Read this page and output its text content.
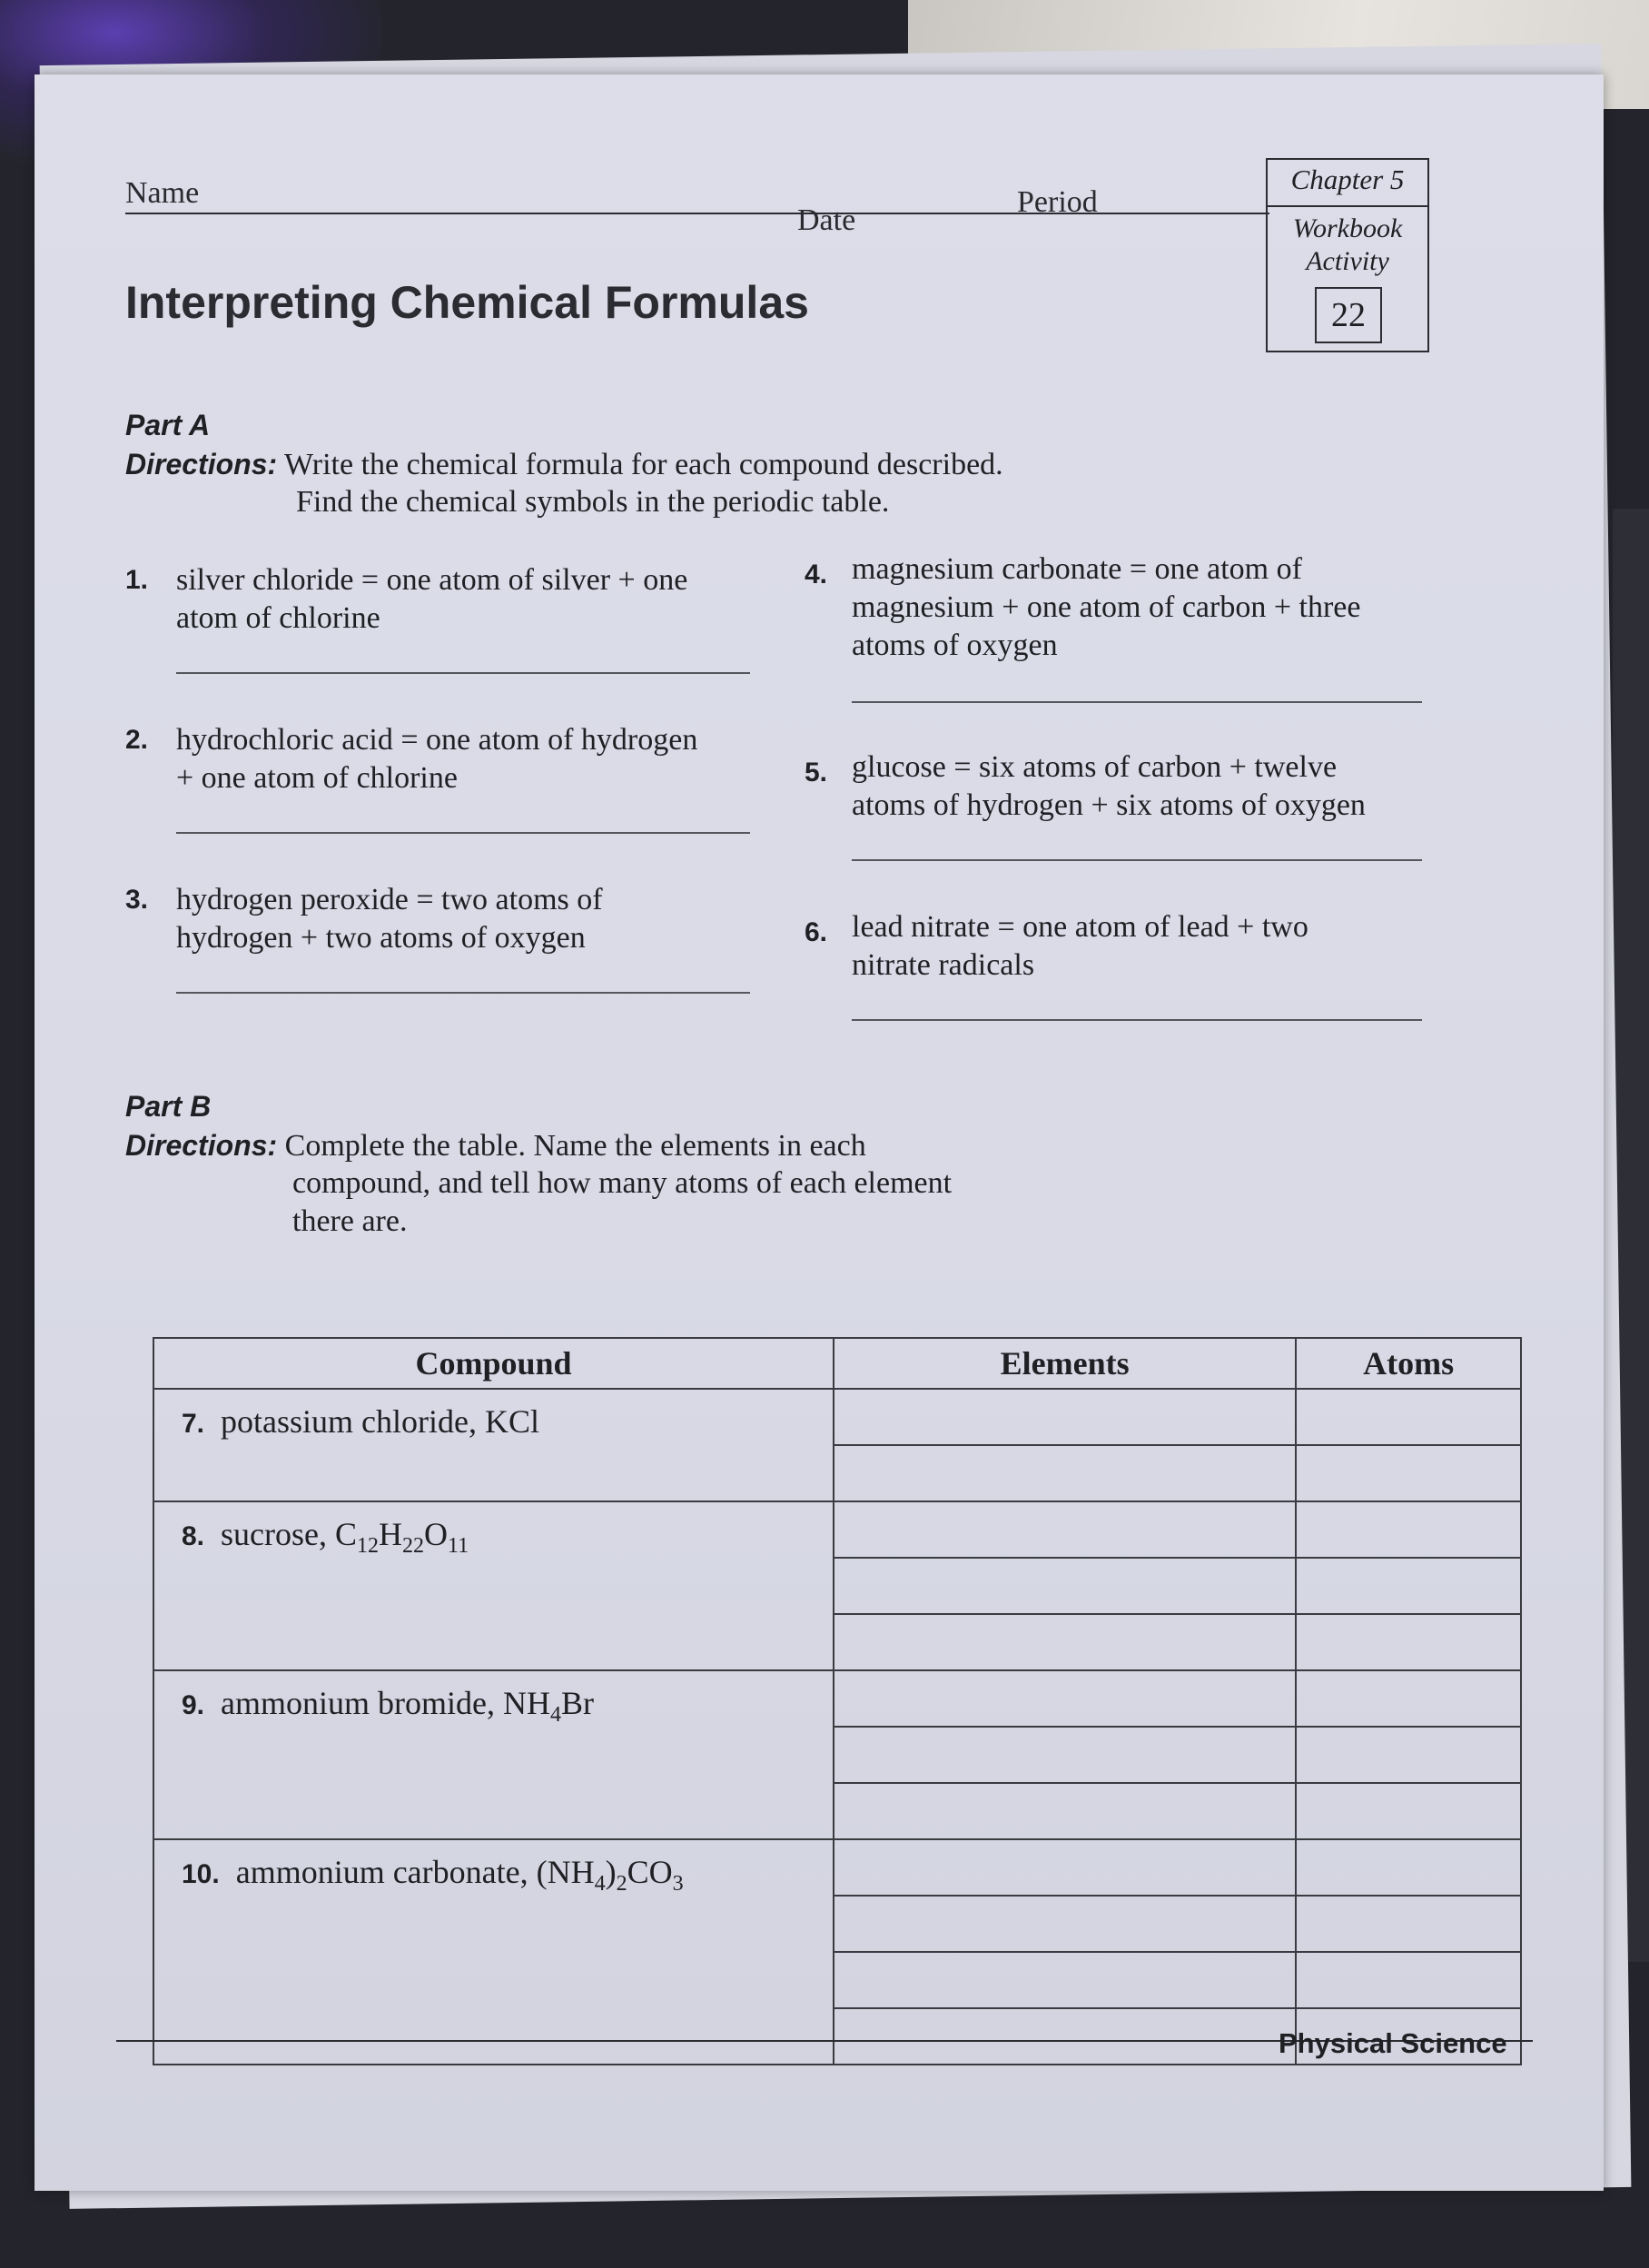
Name
Date
Period
Chapter 5
Workbook
Activity
22
Interpreting Chemical Formulas
Part A
Directions: Write the chemical formula for each compound described.
Find the chemical symbols in the periodic table.
1. silver chloride = one atom of silver + one
atom of chlorine
2. hydrochloric acid = one atom of hydrogen
+ one atom of chlorine
3. hydrogen peroxide = two atoms of
hydrogen + two atoms of oxygen
4. magnesium carbonate = one atom of
magnesium + one atom of carbon + three
atoms of oxygen
5. glucose = six atoms of carbon + twelve
atoms of hydrogen + six atoms of oxygen
6. lead nitrate = one atom of lead + two
nitrate radicals
Part B
Directions: Complete the table. Name the elements in each
compound, and tell how many atoms of each element
there are.
Compound	Elements	Atoms
7. potassium chloride, KCl		

8. sucrose, $C_{12}H_{22}O_{11}$		

9. ammonium bromide, $NH_4Br$		

10. ammonium carbonate, $(NH_4)_2CO_3$		

Physical Science
